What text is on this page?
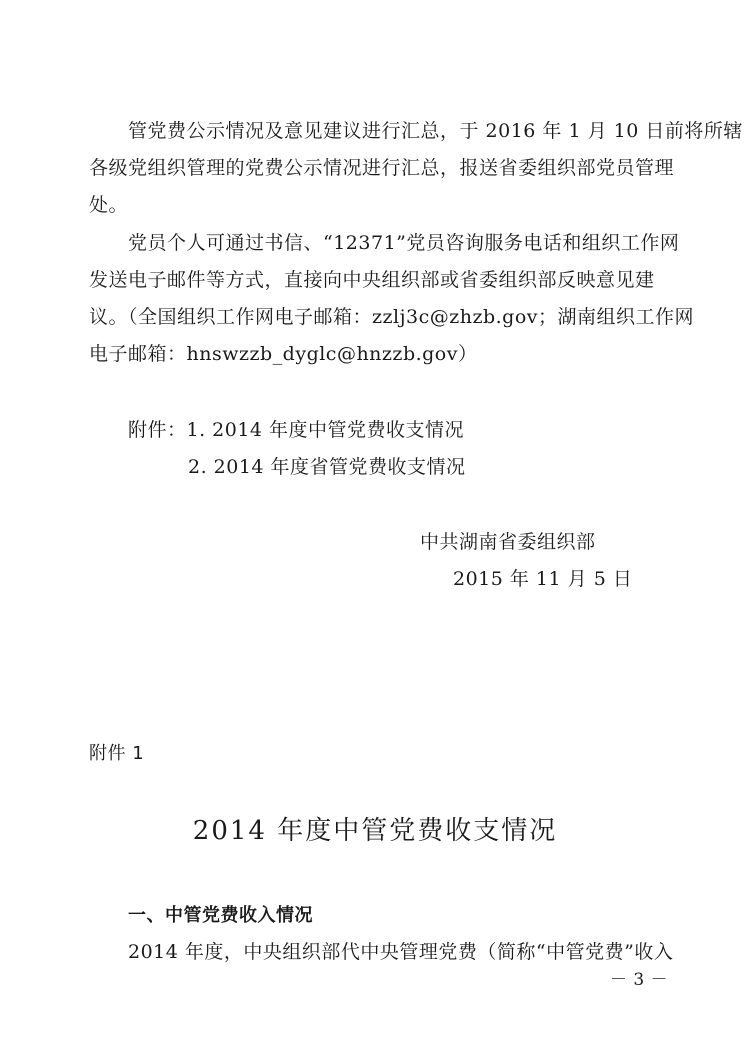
管党费公示情况及意见建议进行汇总，于 2016 年 1 月 10 日前将所辖
各级党组织管理的党费公示情况进行汇总，报送省委组织部党员管理
处。
党员个人可通过书信、“12371”党员咨询服务电话和组织工作网
发送电子邮件等方式，直接向中央组织部或省委组织部反映意见建
议。（全国组织工作网电子邮箱：zzlj3c@zhzb.gov；湖南组织工作网
电子邮箱：hnswzzb_dyglc@hnzzb.gov）
附件：1. 2014 年度中管党费收支情况
2. 2014 年度省管党费收支情况
中共湖南省委组织部
2015 年 11 月 5 日
附件 1
2014 年度中管党费收支情况
一、中管党费收入情况
2014 年度，中央组织部代中央管理党费（简称“中管党费”收入
－ 3 －
